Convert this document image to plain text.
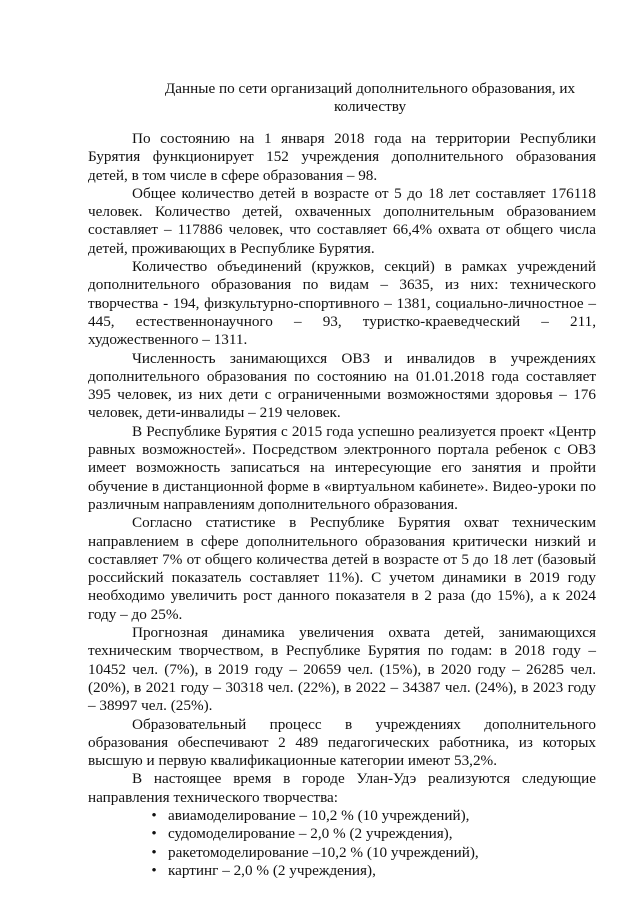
Данные по сети организаций дополнительного образования, их
количеству

По состоянию на 1 января 2018 года на территории Республики Бурятия функционирует 152 учреждения дополнительного образования детей, в том числе в сфере образования – 98.

Общее количество детей в возрасте от 5 до 18 лет составляет 176118 человек. Количество детей, охваченных дополнительным образованием составляет – 117886 человек, что составляет 66,4% охвата от общего числа детей, проживающих в Республике Бурятия.

Количество объединений (кружков, секций) в рамках учреждений дополнительного образования по видам – 3635, из них: технического творчества - 194, физкультурно-спортивного – 1381, социально-личностное – 445, естественнонаучного – 93, туристко-краеведческий – 211, художественного – 1311.

Численность занимающихся ОВЗ и инвалидов в учреждениях дополнительного образования по состоянию на 01.01.2018 года составляет 395 человек, из них дети с ограниченными возможностями здоровья – 176 человек, дети-инвалиды – 219 человек.

В Республике Бурятия с 2015 года успешно реализуется проект «Центр равных возможностей». Посредством электронного портала ребенок с ОВЗ имеет возможность записаться на интересующие его занятия и пройти обучение в дистанционной форме в «виртуальном кабинете». Видео-уроки по различным направлениям дополнительного образования.

Согласно статистике в Республике Бурятия охват техническим направлением в сфере дополнительного образования критически низкий и составляет 7% от общего количества детей в возрасте от 5 до 18 лет (базовый российский показатель составляет 11%). С учетом динамики в 2019 году необходимо увеличить рост данного показателя в 2 раза (до 15%), а к 2024 году – до 25%.

Прогнозная динамика увеличения охвата детей, занимающихся техническим творчеством, в Республике Бурятия по годам: в 2018 году – 10452 чел. (7%), в 2019 году – 20659 чел. (15%), в 2020 году – 26285 чел. (20%), в 2021 году – 30318 чел. (22%), в 2022 – 34387 чел. (24%), в 2023 году – 38997 чел. (25%).

Образовательный процесс в учреждениях дополнительного образования обеспечивают 2 489 педагогических работника, из которых высшую и первую квалификационные категории имеют 53,2%.

В настоящее время в городе Улан-Удэ реализуются следующие направления технического творчества:

• авиамоделирование – 10,2 % (10 учреждений),
• судомоделирование – 2,0 % (2 учреждения),
• ракетомоделирование –10,2 % (10 учреждений),
• картинг – 2,0 % (2 учреждения),
